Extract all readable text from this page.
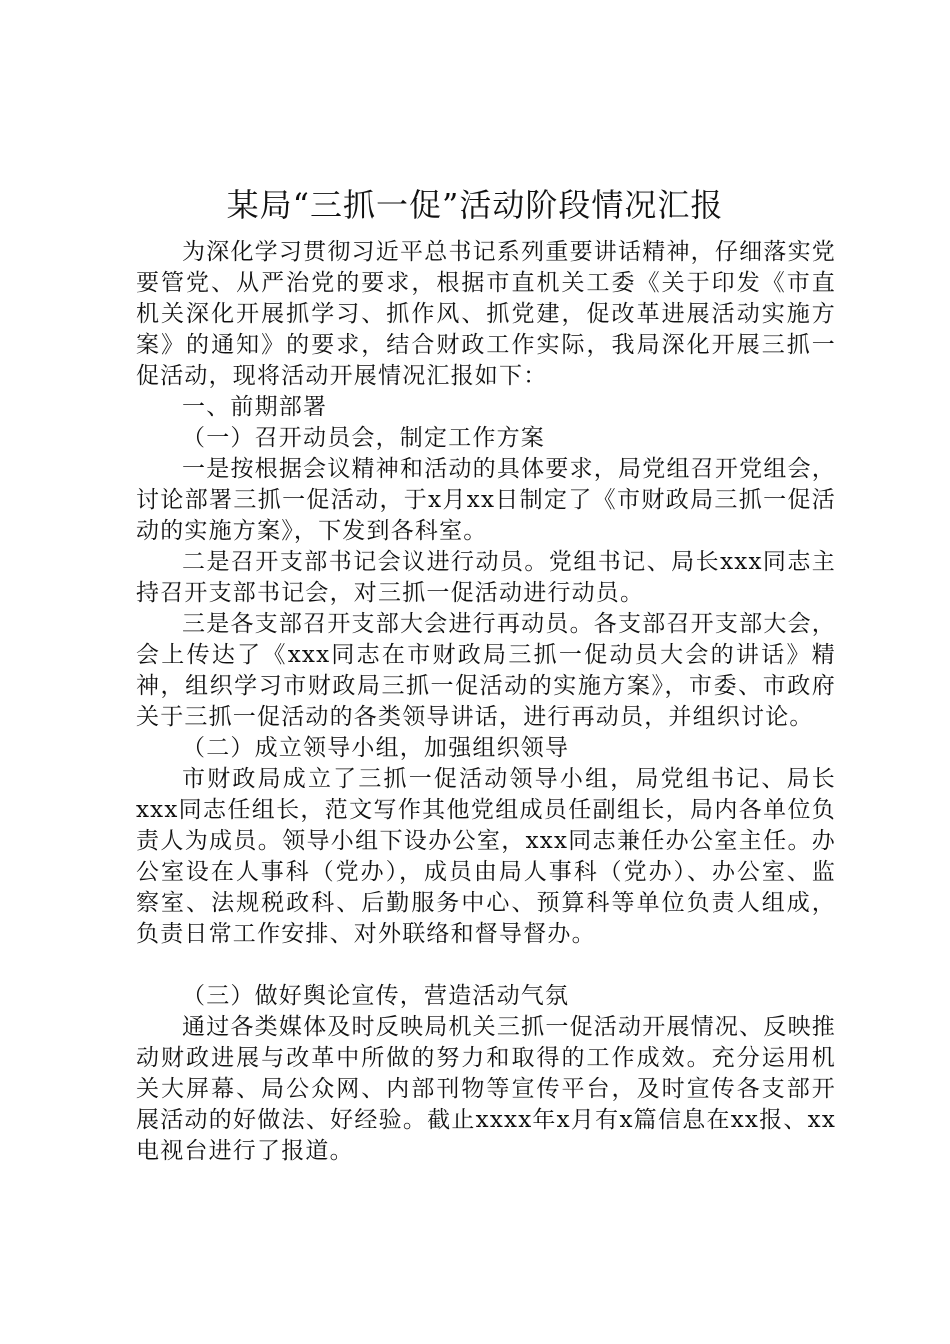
某局“三抓一促”活动阶段情况汇报

为深化学习贯彻习近平总书记系列重要讲话精神，仔细落实党要管党、从严治党的要求，根据市直机关工委《关于印发《市直机关深化开展抓学习、抓作风、抓党建，促改革进展活动实施方案》的通知》的要求，结合财政工作实际，我局深化开展三抓一促活动，现将活动开展情况汇报如下：

一、前期部署

（一）召开动员会，制定工作方案

一是按根据会议精神和活动的具体要求，局党组召开党组会，讨论部署三抓一促活动，于x月xx日制定了《市财政局三抓一促活动的实施方案》，下发到各科室。

二是召开支部书记会议进行动员。党组书记、局长xxx同志主持召开支部书记会，对三抓一促活动进行动员。

三是各支部召开支部大会进行再动员。各支部召开支部大会，会上传达了《xxx同志在市财政局三抓一促动员大会的讲话》精神，组织学习市财政局三抓一促活动的实施方案》，市委、市政府关于三抓一促活动的各类领导讲话，进行再动员，并组织讨论。

（二）成立领导小组，加强组织领导

市财政局成立了三抓一促活动领导小组，局党组书记、局长xxx同志任组长，范文写作其他党组成员任副组长，局内各单位负责人为成员。领导小组下设办公室，xxx同志兼任办公室主任。办公室设在人事科（党办），成员由局人事科（党办）、办公室、监察室、法规税政科、后勤服务中心、预算科等单位负责人组成，负责日常工作安排、对外联络和督导督办。

（三）做好舆论宣传，营造活动气氛

通过各类媒体及时反映局机关三抓一促活动开展情况、反映推动财政进展与改革中所做的努力和取得的工作成效。充分运用机关大屏幕、局公众网、内部刊物等宣传平台，及时宣传各支部开展活动的好做法、好经验。截止xxxx年x月有x篇信息在xx报、xx电视台进行了报道。
